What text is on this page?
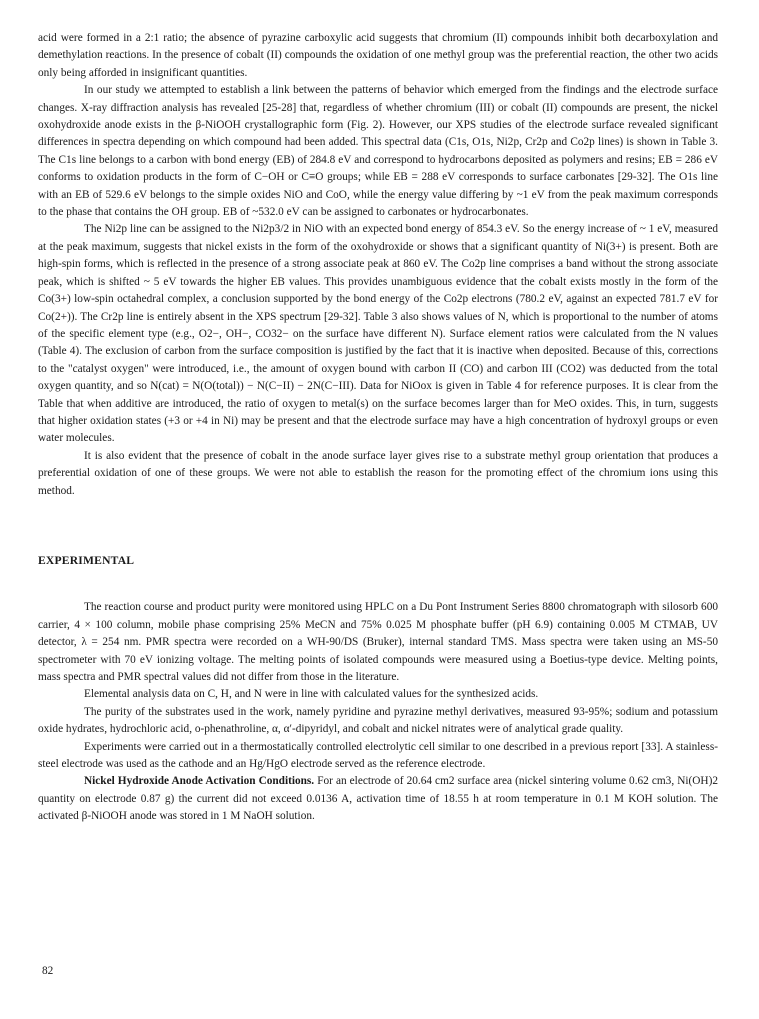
acid were formed in a 2:1 ratio; the absence of pyrazine carboxylic acid suggests that chromium (II) compounds inhibit both decarboxylation and demethylation reactions. In the presence of cobalt (II) compounds the oxidation of one methyl group was the preferential reaction, the other two acids only being afforded in insignificant quantities.

In our study we attempted to establish a link between the patterns of behavior which emerged from the findings and the electrode surface changes. X-ray diffraction analysis has revealed [25-28] that, regardless of whether chromium (III) or cobalt (II) compounds are present, the nickel oxohydroxide anode exists in the β-NiOOH crystallographic form (Fig. 2). However, our XPS studies of the electrode surface revealed significant differences in spectra depending on which compound had been added. This spectral data (C1s, O1s, Ni2p, Cr2p and Co2p lines) is shown in Table 3. The C1s line belongs to a carbon with bond energy (EB) of 284.8 eV and correspond to hydrocarbons deposited as polymers and resins; EB = 286 eV conforms to oxidation products in the form of C−OH or C≡O groups; while EB = 288 eV corresponds to surface carbonates [29-32]. The O1s line with an EB of 529.6 eV belongs to the simple oxides NiO and CoO, while the energy value differing by ~1 eV from the peak maximum corresponds to the phase that contains the OH group. EB of ~532.0 eV can be assigned to carbonates or hydrocarbonates.

The Ni2p line can be assigned to the Ni2p3/2 in NiO with an expected bond energy of 854.3 eV. So the energy increase of ~ 1 eV, measured at the peak maximum, suggests that nickel exists in the form of the oxohydroxide or shows that a significant quantity of Ni(3+) is present. Both are high-spin forms, which is reflected in the presence of a strong associate peak at 860 eV. The Co2p line comprises a band without the strong associate peak, which is shifted ~ 5 eV towards the higher EB values. This provides unambiguous evidence that the cobalt exists mostly in the form of the Co(3+) low-spin octahedral complex, a conclusion supported by the bond energy of the Co2p electrons (780.2 eV, against an expected 781.7 eV for Co(2+)). The Cr2p line is entirely absent in the XPS spectrum [29-32]. Table 3 also shows values of N, which is proportional to the number of atoms of the specific element type (e.g., O2−, OH−, CO32− on the surface have different N). Surface element ratios were calculated from the N values (Table 4). The exclusion of carbon from the surface composition is justified by the fact that it is inactive when deposited. Because of this, corrections to the "catalyst oxygen" were introduced, i.e., the amount of oxygen bound with carbon II (CO) and carbon III (CO2) was deducted from the total oxygen quantity, and so N(cat) = N(O(total)) − N(C−II) − 2N(C−III). Data for NiOox is given in Table 4 for reference purposes. It is clear from the Table that when additive are introduced, the ratio of oxygen to metal(s) on the surface becomes larger than for MeO oxides. This, in turn, suggests that higher oxidation states (+3 or +4 in Ni) may be present and that the electrode surface may have a high concentration of hydroxyl groups or even water molecules.

It is also evident that the presence of cobalt in the anode surface layer gives rise to a substrate methyl group orientation that produces a preferential oxidation of one of these groups. We were not able to establish the reason for the promoting effect of the chromium ions using this method.

EXPERIMENTAL

The reaction course and product purity were monitored using HPLC on a Du Pont Instrument Series 8800 chromatograph with silosorb 600 carrier, 4 × 100 column, mobile phase comprising 25% MeCN and 75% 0.025 M phosphate buffer (pH 6.9) containing 0.005 M CTMAB, UV detector, λ = 254 nm. PMR spectra were recorded on a WH-90/DS (Bruker), internal standard TMS. Mass spectra were taken using an MS-50 spectrometer with 70 eV ionizing voltage. The melting points of isolated compounds were measured using a Boetius-type device. Melting points, mass spectra and PMR spectral values did not differ from those in the literature.

Elemental analysis data on C, H, and N were in line with calculated values for the synthesized acids.

The purity of the substrates used in the work, namely pyridine and pyrazine methyl derivatives, measured 93-95%; sodium and potassium oxide hydrates, hydrochloric acid, o-phenathroline, α, α′-dipyridyl, and cobalt and nickel nitrates were of analytical grade quality.

Experiments were carried out in a thermostatically controlled electrolytic cell similar to one described in a previous report [33]. A stainless-steel electrode was used as the cathode and an Hg/HgO electrode served as the reference electrode.

Nickel Hydroxide Anode Activation Conditions. For an electrode of 20.64 cm2 surface area (nickel sintering volume 0.62 cm3, Ni(OH)2 quantity on electrode 0.87 g) the current did not exceed 0.0136 A, activation time of 18.55 h at room temperature in 0.1 M KOH solution. The activated β-NiOOH anode was stored in 1 M NaOH solution.

82
